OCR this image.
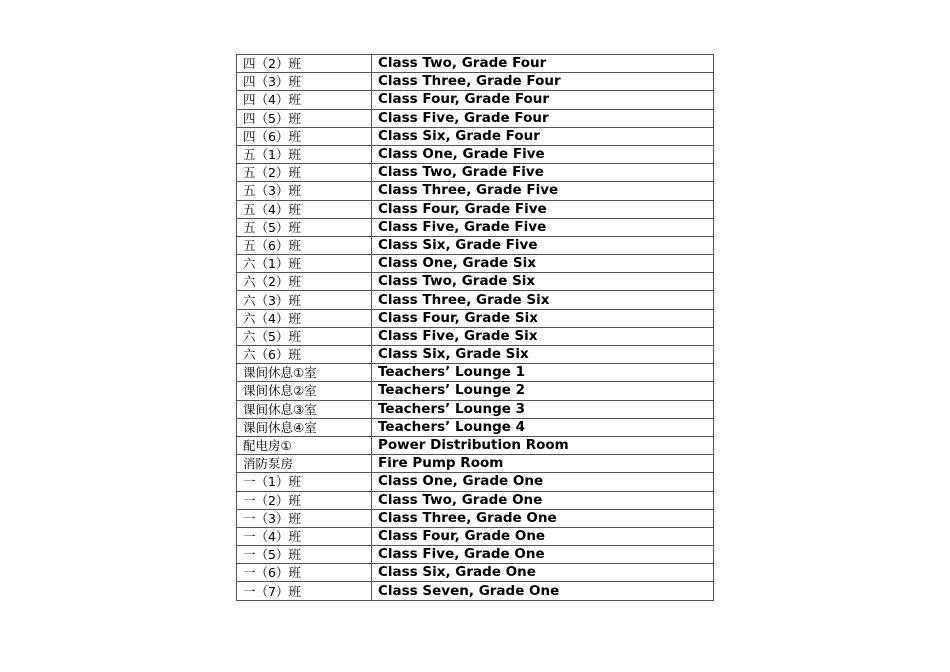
四（2）班	Class Two, Grade Four
四（3）班	Class Three, Grade Four
四（4）班	Class Four, Grade Four
四（5）班	Class Five, Grade Four
四（6）班	Class Six, Grade Four
五（1）班	Class One, Grade Five
五（2）班	Class Two, Grade Five
五（3）班	Class Three, Grade Five
五（4）班	Class Four, Grade Five
五（5）班	Class Five, Grade Five
五（6）班	Class Six, Grade Five
六（1）班	Class One, Grade Six
六（2）班	Class Two, Grade Six
六（3）班	Class Three, Grade Six
六（4）班	Class Four, Grade Six
六（5）班	Class Five, Grade Six
六（6）班	Class Six, Grade Six
课间休息①室	Teachers’ Lounge 1
课间休息②室	Teachers’ Lounge 2
课间休息③室	Teachers’ Lounge 3
课间休息④室	Teachers’ Lounge 4
配电房①	Power Distribution Room
消防泵房	Fire Pump Room
一（1）班	Class One, Grade One
一（2）班	Class Two, Grade One
一（3）班	Class Three, Grade One
一（4）班	Class Four, Grade One
一（5）班	Class Five, Grade One
一（6）班	Class Six, Grade One
一（7）班	Class Seven, Grade One
